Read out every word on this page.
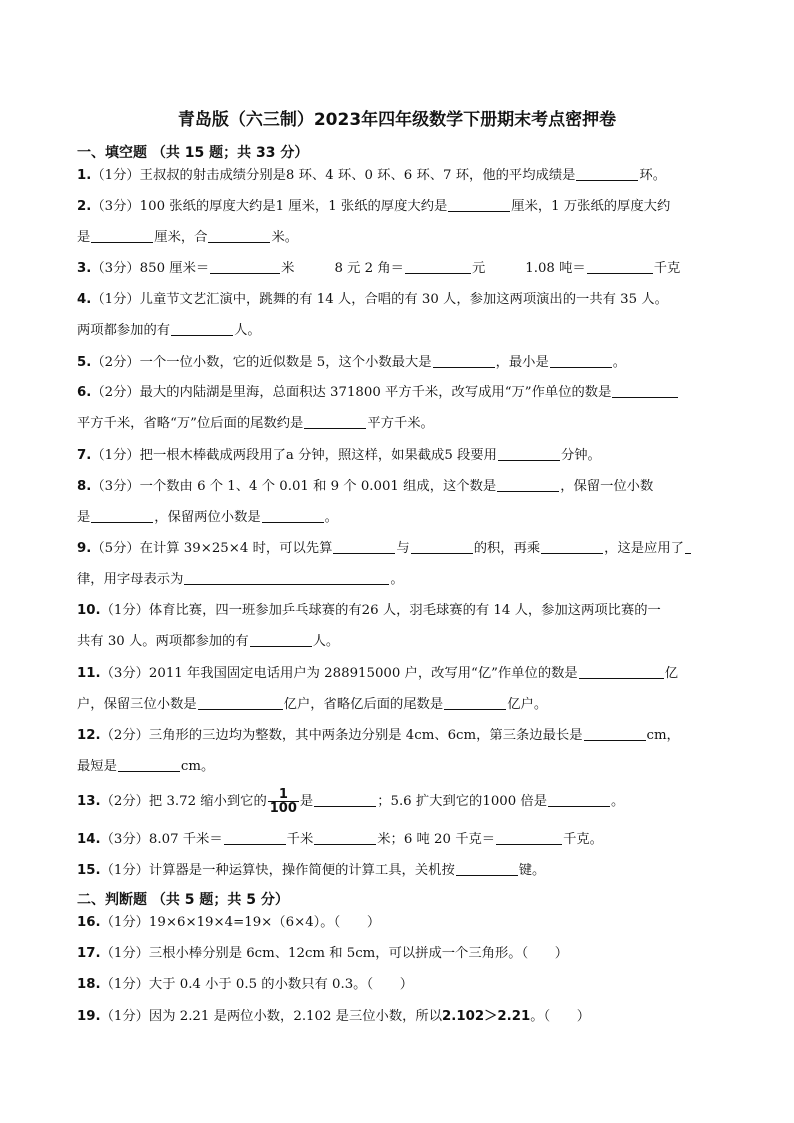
青岛版（六三制）2023年四年级数学下册期末考点密押卷
一、填空题 （共 15 题；共 33 分）
1.（1分）王叔叔的射击成绩分别是8 环、4 环、0 环、6 环、7 环，他的平均成绩是	环。
2.（3分）100 张纸的厚度大约是1 厘米，1 张纸的厚度大约是	厘米，1 万张纸的厚度大约
是	厘米，合	米。
3.（3分）850 厘米＝	米	8 元 2 角＝	元	1.08 吨＝	千克
4.（1分）儿童节文艺汇演中，跳舞的有 14 人，合唱的有 30 人，参加这两项演出的一共有 35 人。
两项都参加的有	人。
5.（2分）一个一位小数，它的近似数是 5，这个小数最大是	，最小是	。
6.（2分）最大的内陆湖是里海，总面积达 371800 平方千米，改写成用“万”作单位的数是
平方千米，省略“万”位后面的尾数约是	平方千米。
7.（1分）把一根木棒截成两段用了a 分钟，照这样，如果截成5 段要用	分钟。
8.（3分）一个数由 6 个 1、4 个 0.01 和 9 个 0.001 组成，这个数是	，保留一位小数
是	，保留两位小数是	。
9.（5分）在计算 39×25×4 时，可以先算	与	的积，再乘	，这是应用了
律，用字母表示为	。
10.（1分）体育比赛，四一班参加乒乓球赛的有26 人，羽毛球赛的有 14 人，参加这两项比赛的一
共有 30 人。两项都参加的有	人。
11.（3分）2011 年我国固定电话用户为 288915000 户，改写用“亿”作单位的数是	亿
户，保留三位小数是	亿户，省略亿后面的尾数是	亿户。
12.（2分）三角形的三边均为整数，其中两条边分别是 4cm、6cm，第三条边最长是	cm，
最短是	cm。
13.（2分）把 3.72 缩小到它的 $\frac{1}{100}$ 是	；5.6 扩大到它的1000 倍是	。
14.（3分）8.07 千米＝	千米	米；6 吨 20 千克＝	千克。
15.（1分）计算器是一种运算快，操作简便的计算工具，关机按	键。
二、判断题 （共 5 题；共 5 分）
16.（1分）19×6×19×4=19×（6×4）。（　　）
17.（1分）三根小棒分别是 6cm、12cm 和 5cm，可以拼成一个三角形。（　　）
18.（1分）大于 0.4 小于 0.5 的小数只有 0.3。（　　）
19.（1分）因为 2.21 是两位小数，2.102 是三位小数，所以2.102＞2.21。（　　）
